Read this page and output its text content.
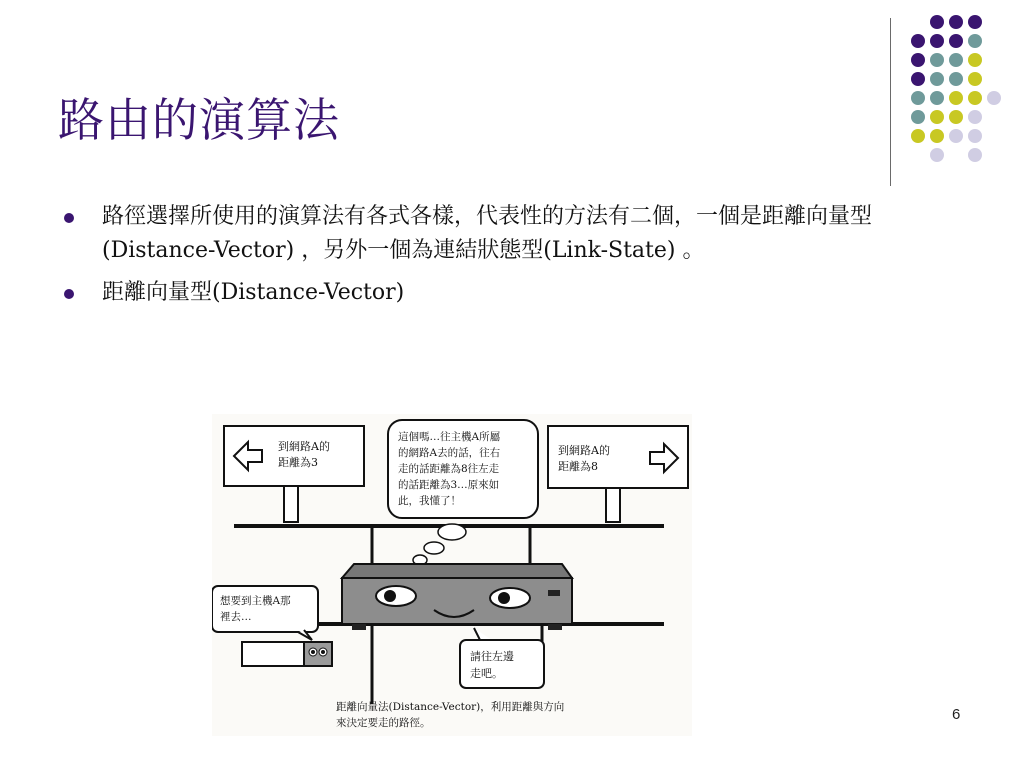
路由的演算法
路徑選擇所使用的演算法有各式各樣，代表性的方法有二個，一個是距離向量型(Distance-Vector) ，另外一個為連結狀態型(Link-State) 。
距離向量型(Distance-Vector)
到網路A的
距離為3
到網路A的
距離為8
這個嗎…往主機A所屬
的網路A去的話，往右
走的話距離為8往左走
的話距離為3…原來如
此，我懂了！
想要到主機A那
裡去…
請往左邊
走吧。
距離向量法(Distance-Vector)，利用距離與方向
來決定要走的路徑。	6
